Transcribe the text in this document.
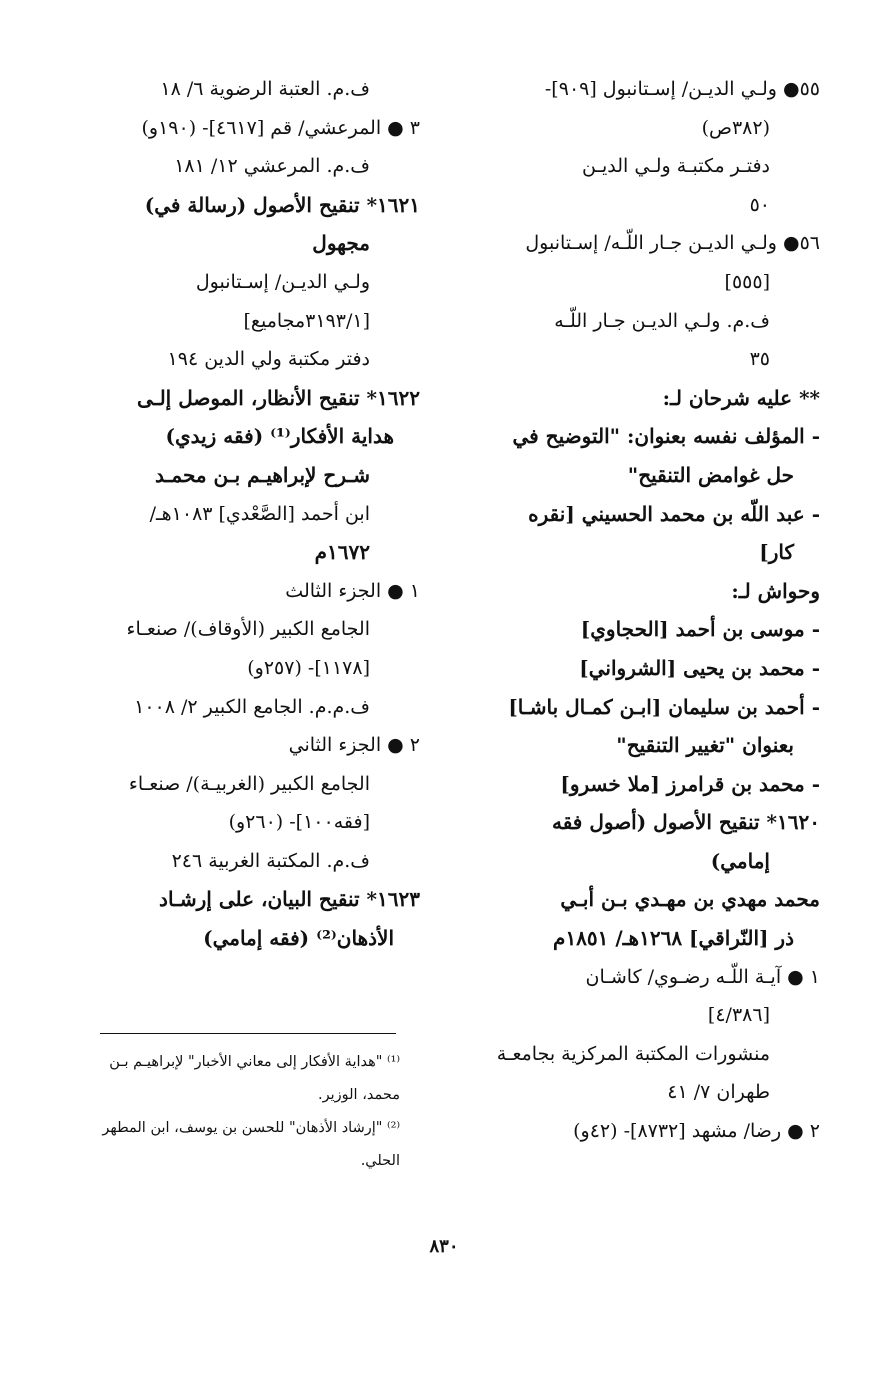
٥٥● ولـي الديـن/ إسـتانبول [٩٠٩]-
(٣٨٢ص)
دفتـر مكتبـة ولـي الديـن
٥٠
٥٦● ولـي الديـن جـار اللّـه/ إسـتانبول
[٥٥٥]
ف.م. ولـي الديـن جـار اللّـه
٣٥
** عليه شرحان لـ:
- المؤلف نفسه بعنوان: "التوضيح في
حل غوامض التنقيح"
- عبد اللّه بن محمد الحسيني [نقره
كار]
وحواش لـ:
- موسى بن أحمد [الحجاوي]
- محمد بن يحيى [الشرواني]
- أحمد بن سليمان [ابـن كمـال باشـا]
بعنوان "تغيير التنقيح"
- محمد بن قرامرز [ملا خسرو]
١٦٢٠* تنقيح الأصول (أصول فقه
إمامي)
محمد مهدي بن مهـدي بـن أبـي
ذر [النّراقي] ١٢٦٨هـ/ ١٨٥١م
١ ● آيـة اللّـه رضـوي/ كاشـان
[٤/٣٨٦]
منشورات المكتبة المركزية بجامعـة
طهران ٧/ ٤١
٢ ● رضا/ مشهد [٨٧٣٢]- (٤٢و)
ف.م. العتبة الرضوية ٦/ ١٨
٣ ● المرعشي/ قم [٤٦١٧]- (١٩٠و)
ف.م. المرعشي ١٢/ ١٨١
١٦٢١* تنقيح الأصول (رسالة في)
مجهول
ولـي الديـن/ إسـتانبول
[٣١٩٣/١مجاميع]
دفتر مكتبة ولي الدين ١٩٤
١٦٢٢* تنقيح الأنظار، الموصل إلـى
هداية الأفكار⁽¹⁾ (فقه زيدي)
شـرح لإبراهيـم بـن محمـد
ابن أحمد [الصَّعْدي] ١٠٨٣هـ/
١٦٧٢م
١ ● الجزء الثالث
الجامع الكبير (الأوقاف)/ صنعـاء
[١١٧٨]- (٢٥٧و)
ف.م.م. الجامع الكبير ٢/ ١٠٠٨
٢ ● الجزء الثاني
الجامع الكبير (الغربيـة)/ صنعـاء
[فقه١٠٠]- (٢٦٠و)
ف.م. المكتبة الغربية ٢٤٦
١٦٢٣* تنقيح البيان، على إرشـاد
الأذهان⁽²⁾ (فقه إمامي)
⁽¹⁾ "هداية الأفكار إلى معاني الأخبار" لإبراهيـم بـن
محمد، الوزير.
⁽²⁾ "إرشاد الأذهان" للحسن بن يوسف، ابن المطهر
الحلي.
٨٣٠
